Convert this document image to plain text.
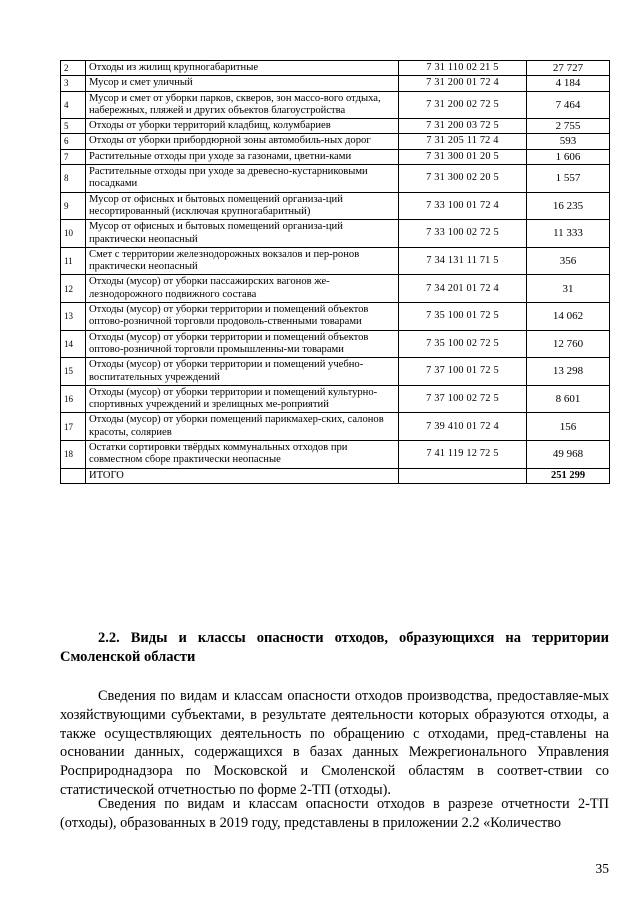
2	Отходы из жилищ крупногабаритные	7 31 110 02 21 5	27 727
3	Мусор и смет уличный	7 31 200 01 72 4	4 184
4	Мусор и смет от уборки парков, скверов, зон массо-вого отдыха, набережных, пляжей и других объектов благоустройства	7 31 200 02 72 5	7 464
5	Отходы от уборки территорий кладбищ, колумбариев	7 31 200 03 72 5	2 755
6	Отходы от уборки прибордюрной зоны автомобиль-ных дорог	7 31 205 11 72 4	593
7	Растительные отходы при уходе за газонами, цветни-ками	7 31 300 01 20 5	1 606
8	Растительные отходы при уходе за древесно-кустарниковыми посадками	7 31 300 02 20 5	1 557
9	Мусор от офисных и бытовых помещений организа-ций несортированный (исключая крупногабаритный)	7 33 100 01 72 4	16 235
10	Мусор от офисных и бытовых помещений организа-ций практически неопасный	7 33 100 02 72 5	11 333
11	Смет с территории железнодорожных вокзалов и пер-ронов практически неопасный	7 34 131 11 71 5	356
12	Отходы (мусор) от уборки пассажирских вагонов же-лезнодорожного подвижного состава	7 34 201 01 72 4	31
13	Отходы (мусор) от уборки территории и помещений объектов оптово-розничной торговли продоволь-ственными товарами	7 35 100 01 72 5	14 062
14	Отходы (мусор) от уборки территории и помещений объектов оптово-розничной торговли промышленны-ми товарами	7 35 100 02 72 5	12 760
15	Отходы (мусор) от уборки территории и помещений учебно-воспитательных учреждений	7 37 100 01 72 5	13 298
16	Отходы (мусор) от уборки территории и помещений культурно-спортивных учреждений и зрелищных ме-роприятий	7 37 100 02 72 5	8 601
17	Отходы (мусор) от уборки помещений парикмахер-ских, салонов красоты, соляриев	7 39 410 01 72 4	156
18	Остатки сортировки твёрдых коммунальных отходов при совместном сборе практически неопасные	7 41 119 12 72 5	49 968
	ИТОГО		251 299
2.2. Виды и классы опасности отходов, образующихся на территории Смоленской области

Сведения по видам и классам опасности отходов производства, предоставляе-мых хозяйствующими субъектами, в результате деятельности которых образуются отходы, а также осуществляющих деятельность по обращению с отходами, пред-ставлены на основании данных, содержащихся в базах данных Межрегионального Управления Росприроднадзора по Московской и Смоленской областям в соответ-ствии со статистической отчетностью по форме 2-ТП (отходы).

Сведения по видам и классам опасности отходов в разрезе отчетности 2-ТП (отходы), образованных в 2019 году, представлены в приложении 2.2 «Количество

35
